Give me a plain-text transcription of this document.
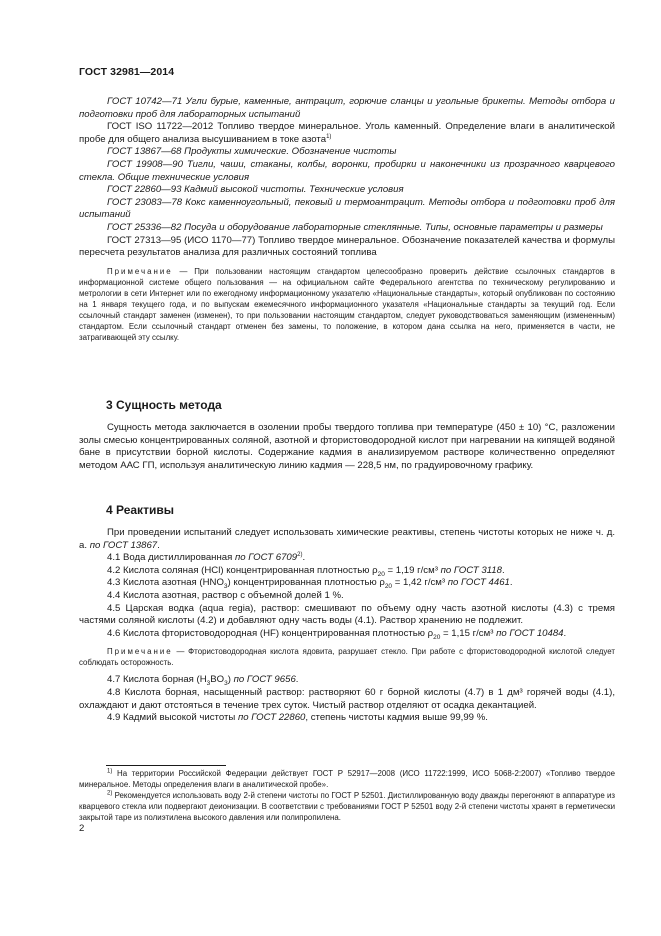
ГОСТ 32981—2014

ГОСТ 10742—71 Угли бурые, каменные, антрацит, горючие сланцы и угольные брикеты. Методы отбора и подготовки проб для лабораторных испытаний

ГОСТ ISO 11722—2012 Топливо твердое минеральное. Уголь каменный. Определение влаги в аналитической пробе для общего анализа высушиванием в токе азота$^{1)}$

ГОСТ 13867—68 Продукты химические. Обозначение чистоты

ГОСТ 19908—90 Тигли, чаши, стаканы, колбы, воронки, пробирки и наконечники из прозрачного кварцевого стекла. Общие технические условия

ГОСТ 22860—93 Кадмий высокой чистоты. Технические условия

ГОСТ 23083—78 Кокс каменноугольный, пековый и термоантрацит. Методы отбора и подготовки проб для испытаний

ГОСТ 25336—82 Посуда и оборудование лабораторные стеклянные. Типы, основные параметры и размеры

ГОСТ 27313—95 (ИСО 1170—77) Топливо твердое минеральное. Обозначение показателей качества и формулы пересчета результатов анализа для различных состояний топлива

Примечание — При пользовании настоящим стандартом целесообразно проверить действие ссылочных стандартов в информационной системе общего пользования — на официальном сайте Федерального агентства по техническому регулированию и метрологии в сети Интернет или по ежегодному информационному указателю «Национальные стандарты», который опубликован по состоянию на 1 января текущего года, и по выпускам ежемесячного информационного указателя «Национальные стандарты за текущий год. Если ссылочный стандарт заменен (изменен), то при пользовании настоящим стандартом, следует руководствоваться заменяющим (измененным) стандартом. Если ссылочный стандарт отменен без замены, то положение, в котором дана ссылка на него, применяется в части, не затрагивающей эту ссылку.

3 Сущность метода

Сущность метода заключается в озолении пробы твердого топлива при температуре (450 ± 10) °С, разложении золы смесью концентрированных соляной, азотной и фтористоводородной кислот при нагревании на кипящей водяной бане в присутствии борной кислоты. Содержание кадмия в анализируемом растворе количественно определяют методом ААС ГП, используя аналитическую линию кадмия — 228,5 нм, по градуировочному графику.

4 Реактивы

При проведении испытаний следует использовать химические реактивы, степень чистоты которых не ниже ч. д. а. по ГОСТ 13867.

4.1 Вода дистиллированная по ГОСТ 6709$^{2)}$.

4.2 Кислота соляная (HCl) концентрированная плотностью $\rho_{20} = 1,19$ г/см³ по ГОСТ 3118.

4.3 Кислота азотная $(HNO_3)$ концентрированная плотностью $\rho_{20} = 1,42$ г/см³ по ГОСТ 4461.

4.4 Кислота азотная, раствор с объемной долей 1 %.

4.5 Царская водка (aqua regia), раствор: смешивают по объему одну часть азотной кислоты (4.3) с тремя частями соляной кислоты (4.2) и добавляют одну часть воды (4.1). Раствор хранению не подлежит.

4.6 Кислота фтористоводородная (HF) концентрированная плотностью $\rho_{20} = 1,15$ г/см³ по ГОСТ 10484.

Примечание — Фтористоводородная кислота ядовита, разрушает стекло. При работе с фтористоводородной кислотой следует соблюдать осторожность.

4.7 Кислота борная $(H_3BO_3)$ по ГОСТ 9656.

4.8 Кислота борная, насыщенный раствор: растворяют 60 г борной кислоты (4.7) в 1 дм³ горячей воды (4.1), охлаждают и дают отстояться в течение трех суток. Чистый раствор отделяют от осадка декантацией.

4.9 Кадмий высокой чистоты по ГОСТ 22860, степень чистоты кадмия выше 99,99 %.

$^{1)}$ На территории Российской Федерации действует ГОСТ Р 52917—2008 (ИСО 11722:1999, ИСО 5068-2:2007) «Топливо твердое минеральное. Методы определения влаги в аналитической пробе».

$^{2)}$ Рекомендуется использовать воду 2-й степени чистоты по ГОСТ Р 52501. Дистиллированную воду дважды перегоняют в аппаратуре из кварцевого стекла или подвергают деионизации. В соответствии с требованиями ГОСТ Р 52501 воду 2-й степени чистоты хранят в герметически закрытой таре из полиэтилена высокого давления или полипропилена.

2
